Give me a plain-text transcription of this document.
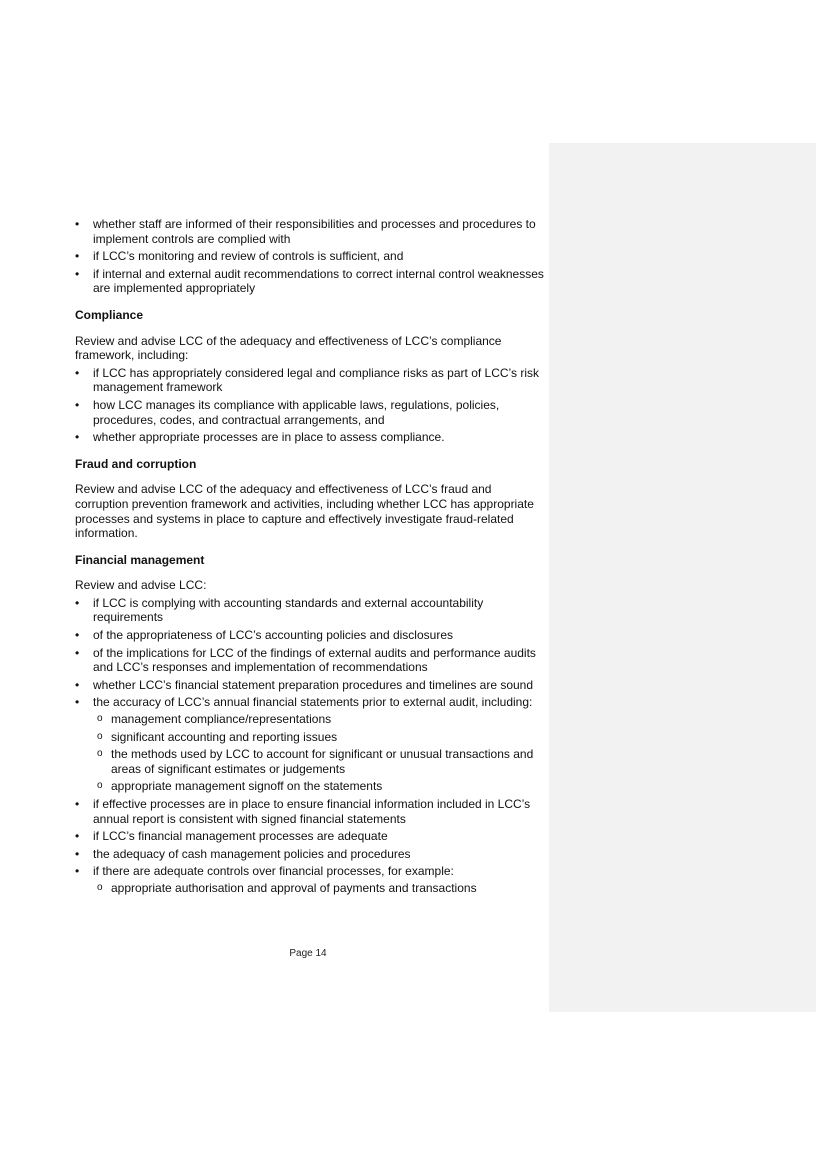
•	whether staff are informed of their responsibilities and processes and procedures to implement controls are complied with
•	if LCC’s monitoring and review of controls is sufficient, and
•	if internal and external audit recommendations to correct internal control weaknesses are implemented appropriately
Compliance

Review and advise LCC of the adequacy and effectiveness of LCC’s compliance framework, including:

•	if LCC has appropriately considered legal and compliance risks as part of LCC’s risk management framework
•	how LCC manages its compliance with applicable laws, regulations, policies, procedures, codes, and contractual arrangements, and
•	whether appropriate processes are in place to assess compliance.
Fraud and corruption

Review and advise LCC of the adequacy and effectiveness of LCC’s fraud and corruption prevention framework and activities, including whether LCC has appropriate processes and systems in place to capture and effectively investigate fraud-related information.

Financial management

Review and advise LCC:

•	if LCC is complying with accounting standards and external accountability requirements
•	of the appropriateness of LCC’s accounting policies and disclosures
•	of the implications for LCC of the findings of external audits and performance audits and LCC’s responses and implementation of recommendations
•	whether LCC’s financial statement preparation procedures and timelines are sound
•	the accuracy of LCC’s annual financial statements prior to external audit, including:
o management compliance/representations
o significant accounting and reporting issues
o the methods used by LCC to account for significant or unusual transactions and areas of significant estimates or judgements
o appropriate management signoff on the statements
•	if effective processes are in place to ensure financial information included in LCC’s annual report is consistent with signed financial statements
•	if LCC’s financial management processes are adequate
•	the adequacy of cash management policies and procedures
•	if there are adequate controls over financial processes, for example:
o appropriate authorisation and approval of payments and transactions
Page 14
